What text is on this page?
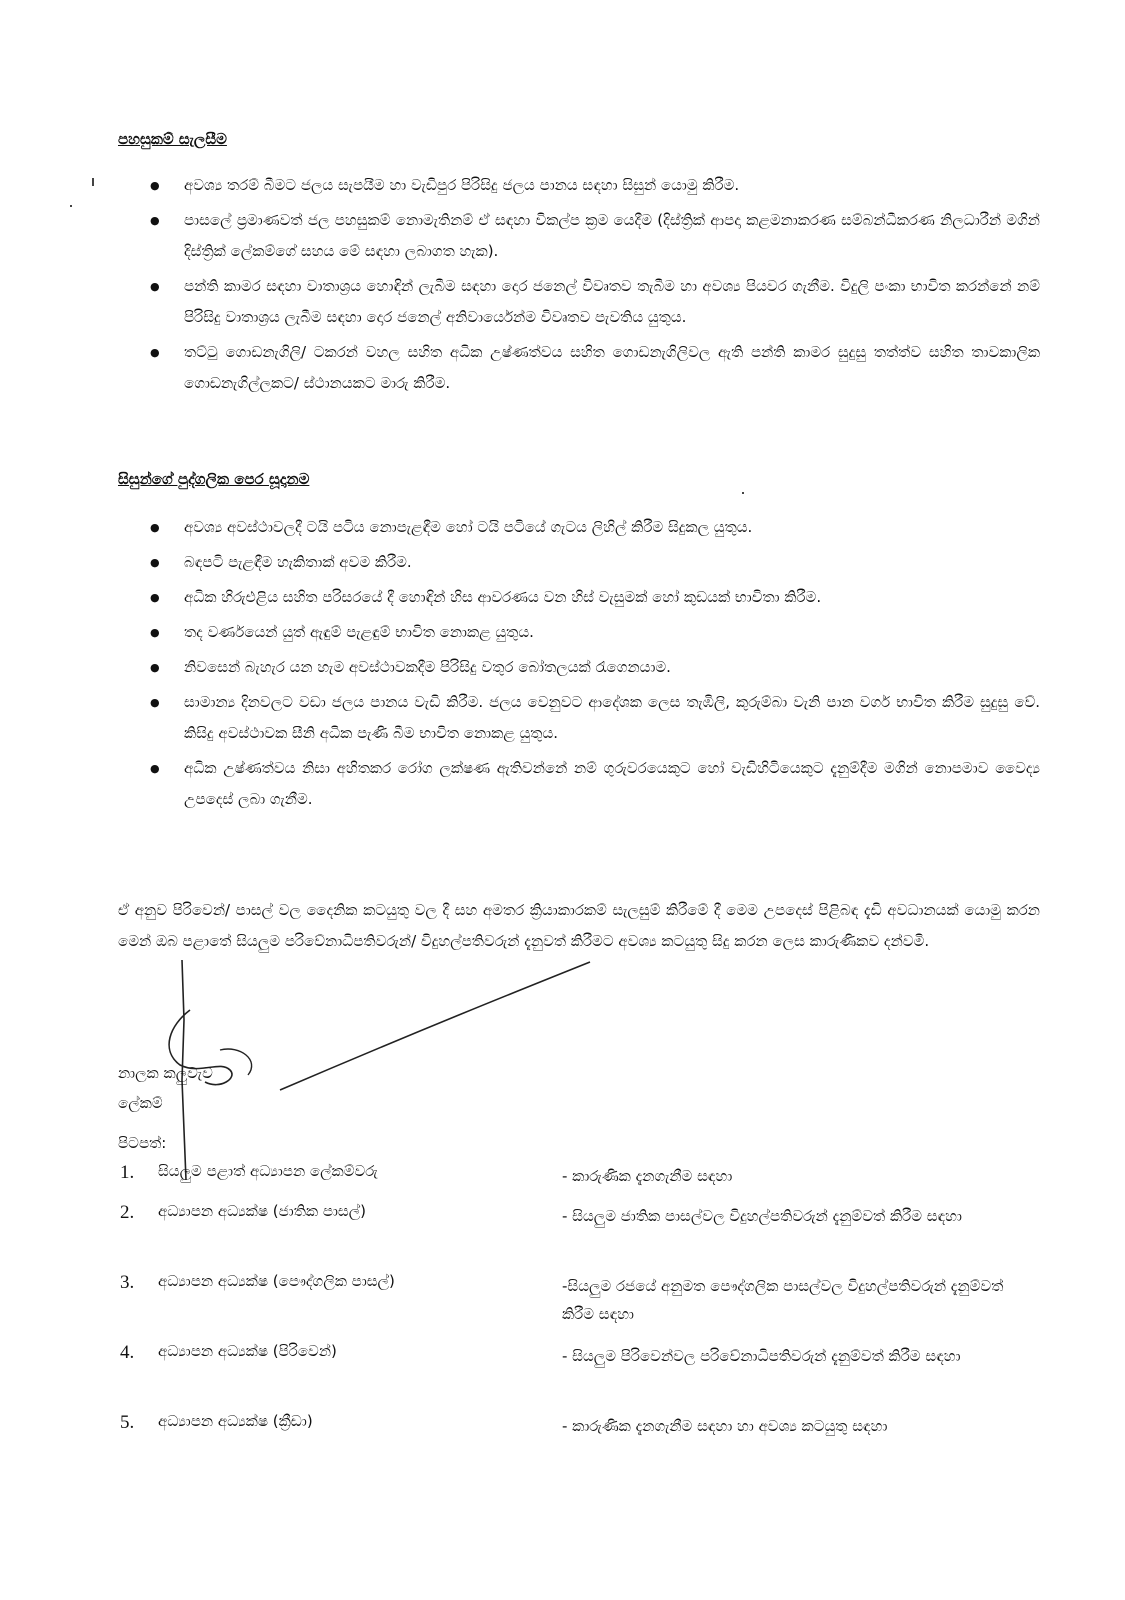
පහසුකම් සැලසීම
● අවශ්‍ය තරම් බීමට ජලය සැපයීම හා වැඩිපුර පිරිසිදු ජලය පානය සඳහා සිසුන් යොමු කිරීම.
● පාසලේ ප්‍රමාණවත් ජල පහසුකම් නොමැතිනම් ඒ සඳහා විකල්ප ක්‍රම යෙදීම (දිස්ත්‍රික් ආපදා කළමනාකරණ සම්බන්ධීකරණ නිලධාරීන් මගින් දිස්ත්‍රික් ලේකම්ගේ සහය මේ සඳහා ලබාගත හැක).
● පන්ති කාමර සඳහා වාතාශ්‍රය හොඳින් ලැබීම සඳහා දොර ජනෙල් විවෘතව තැබීම හා අවශ්‍ය පියවර ගැනීම. විදුලි පංකා භාවිත කරන්නේ නම් පිරිසිදු වාතාශ්‍රය ලැබීම සඳහා දොර ජනෙල් අනිවාර්යෙන්ම විවෘතව පැවතිය යුතුය.
● තට්ටු ගොඩනැගිලි/ ටකරන් වහල සහිත අධික උෂ්ණත්වය සහිත ගොඩනැගිලිවල ඇති පන්ති කාමර සුදුසු තත්ත්ව සහිත තාවකාලික ගොඩනැගිල්ලකට/ ස්ථානයකට මාරු කිරීම.
සිසුන්ගේ පුද්ගලික පෙර සූදානම
● අවශ්‍ය අවස්ථාවලදී ටයි පටිය නොපැළඳීම හෝ ටයි පටියේ ගැටය ලිහිල් කිරීම සිදුකල යුතුය.
● බඳපටි පැළඳීම හැකිතාක් අවම කිරීම.
● අධික හිරුඑළිය සහිත පරිසරයේ දී හොඳින් හිස ආවරණය වන හිස් වැසුමක් හෝ කුඩයක් භාවිතා කිරීම.
● තද වර්ණයෙන් යුත් ඇඳුම් පැළඳුම් භාවිත නොකළ යුතුය.
● නිවසෙන් බැහැර යන හැම අවස්ථාවකදීම පිරිසිදු වතුර බෝතලයක් රැගෙනයාම.
● සාමාන්‍ය දිනවලට වඩා ජලය පානය වැඩි කිරීම. ජලය වෙනුවට ආදේශක ලෙස තැඹිලි, කුරුම්බා වැනි පාන වර්ග භාවිත කිරීම සුදුසු වේ. කිසිදු අවස්ථාවක සීනි අධික පැණි බීම භාවිත නොකළ යුතුය.
● අධික උෂ්ණත්වය නිසා අහිතකර රෝග ලක්ෂණ ඇතිවන්නේ නම් ගුරුවරයෙකුට හෝ වැඩිහිටියෙකුට දැනුම්දීම මගින් නොපමාව වෛද්‍ය උපදෙස් ලබා ගැනීම.

ඒ අනුව පිරිවෙන්/ පාසල් වල දෛනික කටයුතු වල දී සහ අමතර ක්‍රියාකාරකම් සැලසුම් කිරීමේ දී මෙම උපදෙස් පිළිබඳ දැඩි අවධානයක් යොමු කරන මෙන් ඔබ පළාතේ සියලුම පරිවේනාධිපතිවරුන්/ විදුහල්පතිවරුන් දැනුවත් කිරීමට අවශ්‍ය කටයුතු සිදු කරන ලෙස කාරුණිකව දන්වමි.

නාලක කලුවැව
ලේකම්
පිටපත්:
1.	සියලුම පළාත් අධ්‍යාපන ලේකම්වරු	- කාරුණික දැනගැනීම සඳහා
2.	අධ්‍යාපන අධ්‍යක්ෂ (ජාතික පාසල්)	- සියලුම ජාතික පාසල්වල විදුහල්පතිවරුන් දැනුම්වත් කිරීම සඳහා
3.	අධ්‍යාපන අධ්‍යක්ෂ (පෞද්ගලික පාසල්)	-සියලුම රජයේ අනුමත පෞද්ගලික පාසල්වල විදුහල්පතිවරුන් දැනුම්වත් කිරීම සඳහා
4.	අධ්‍යාපන අධ්‍යක්ෂ (පිරිවෙන්)	- සියලුම පිරිවෙන්වල පරිවේනාධිපතිවරුන් දැනුම්වත් කිරීම සඳහා
5.	අධ්‍යාපන අධ්‍යක්ෂ (ක්‍රීඩා)	- කාරුණික දැනගැනීම සඳහා හා අවශ්‍ය කටයුතු සඳහා
